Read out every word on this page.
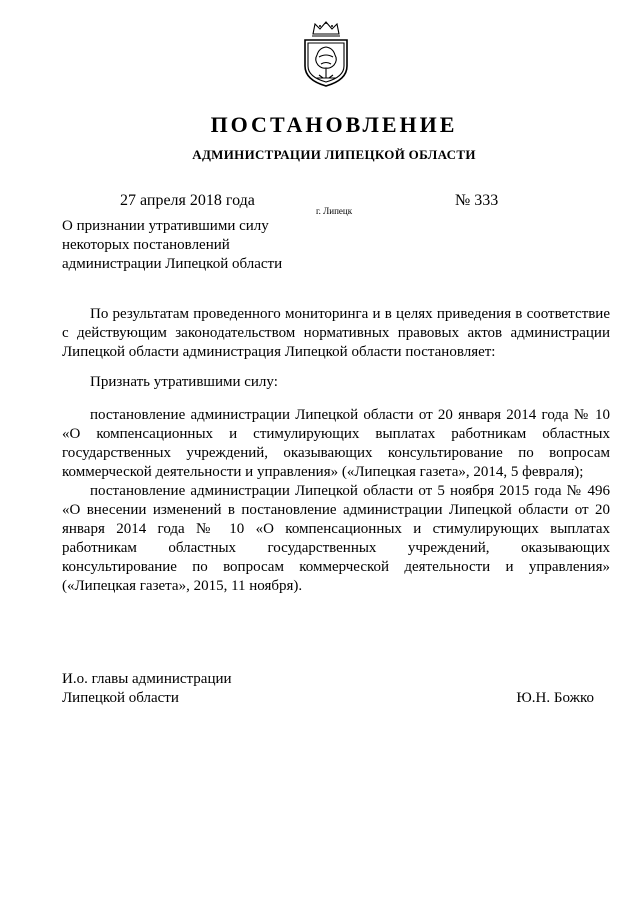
ПОСТАНОВЛЕНИЕ
АДМИНИСТРАЦИИ ЛИПЕЦКОЙ ОБЛАСТИ
27 апреля 2018 года
г. Липецк
№ 333
О признании утратившими силу
некоторых постановлений
администрации Липецкой области

По результатам проведенного мониторинга и в целях приведения в соответствие с действующим законодательством нормативных правовых актов администрации Липецкой области администрация Липецкой области постановляет:

Признать утратившими силу:

постановление администрации Липецкой области от 20 января 2014 года № 10 «О компенсационных и стимулирующих выплатах работникам областных государственных учреждений, оказывающих консультирование по вопросам коммерческой деятельности и управления» («Липецкая газета», 2014, 5 февраля);

постановление администрации Липецкой области от 5 ноября 2015 года № 496 «О внесении изменений в постановление администрации Липецкой области от 20 января 2014 года № 10 «О компенсационных и стимулирующих выплатах работникам областных государственных учреждений, оказывающих консультирование по вопросам коммерческой деятельности и управления» («Липецкая газета», 2015, 11 ноября).

И.о. главы администрации
Липецкой области	Ю.Н. Божко
